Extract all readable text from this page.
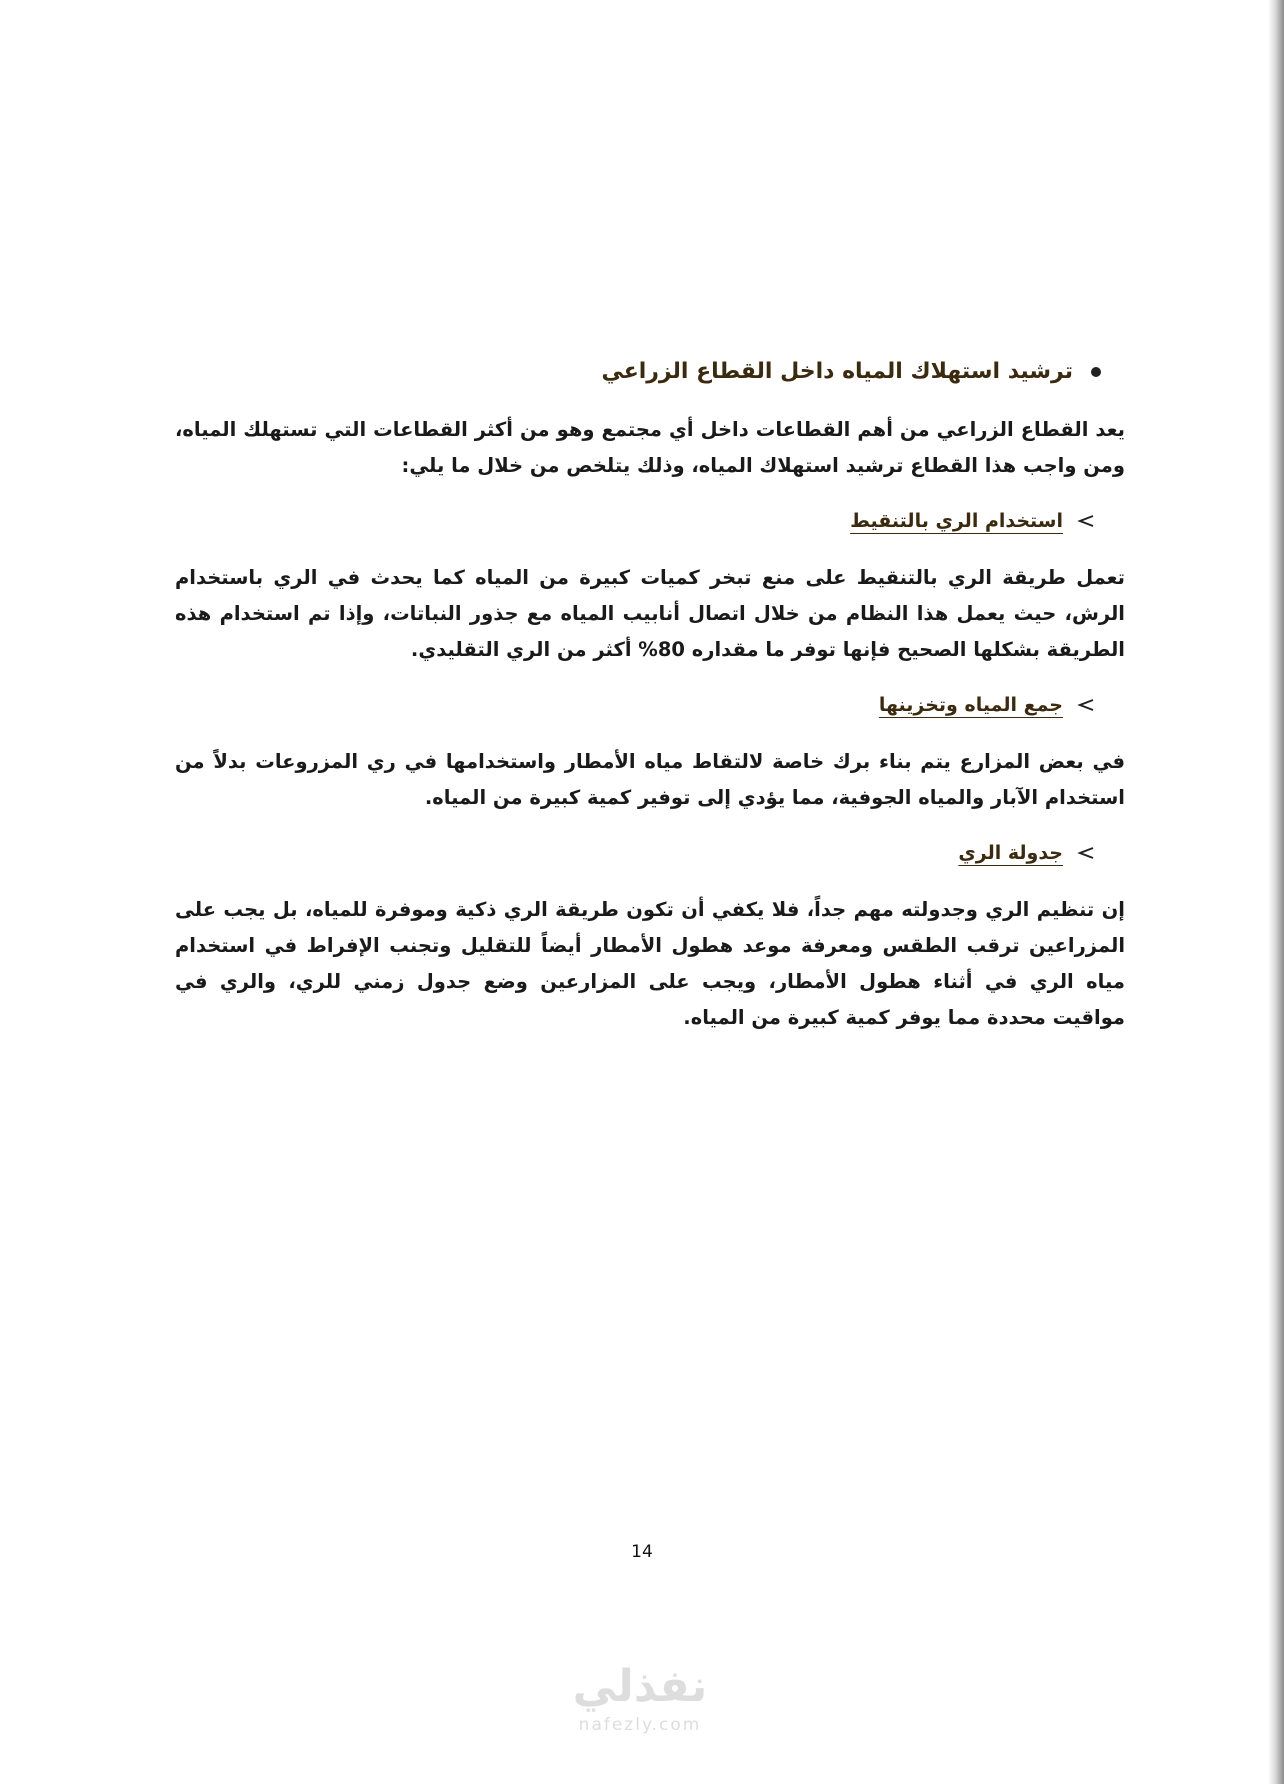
ترشيد استهلاك المياه داخل القطاع الزراعي

يعد القطاع الزراعي من أهم القطاعات داخل أي مجتمع وهو من أكثر القطاعات التي تستهلك المياه، ومن واجب هذا القطاع ترشيد استهلاك المياه، وذلك يتلخص من خلال ما يلي:

استخدام الري بالتنقيط

تعمل طريقة الري بالتنقيط على منع تبخر كميات كبيرة من المياه كما يحدث في الري باستخدام الرش، حيث يعمل هذا النظام من خلال اتصال أنابيب المياه مع جذور النباتات، وإذا تم استخدام هذه الطريقة بشكلها الصحيح فإنها توفر ما مقداره 80% أكثر من الري التقليدي.

جمع المياه وتخزينها

في بعض المزارع يتم بناء برك خاصة لالتقاط مياه الأمطار واستخدامها في ري المزروعات بدلاً من استخدام الآبار والمياه الجوفية، مما يؤدي إلى توفير كمية كبيرة من المياه.

جدولة الري

إن تنظيم الري وجدولته مهم جداً، فلا يكفي أن تكون طريقة الري ذكية وموفرة للمياه، بل يجب على المزراعين ترقب الطقس ومعرفة موعد هطول الأمطار أيضاً للتقليل وتجنب الإفراط في استخدام مياه الري في أثناء هطول الأمطار، ويجب على المزارعين وضع جدول زمني للري، والري في مواقيت محددة مما يوفر كمية كبيرة من المياه.

14
نفذلي
nafezly.com
